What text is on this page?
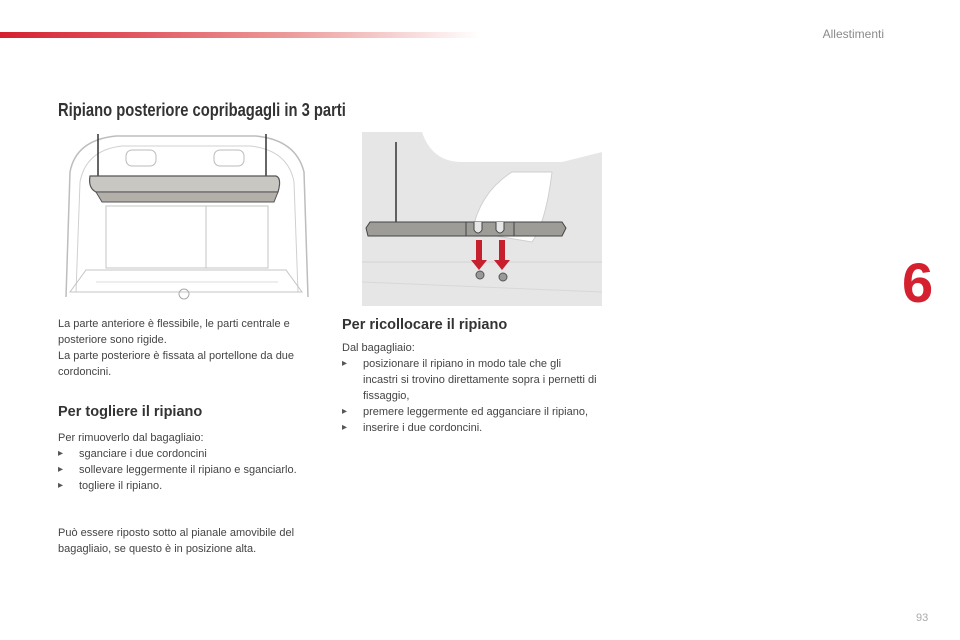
Allestimenti
6
Ripiano posteriore copribagagli in 3 parti

La parte anteriore è flessibile, le parti centrale e posteriore sono rigide.

La parte posteriore è fissata al portellone da due cordoncini.

Per togliere il ripiano

Per rimuoverlo dal bagagliaio:

▸ sganciare i due cordoncini
▸ sollevare leggermente il ripiano e sganciarlo.
▸ togliere il ripiano.
Può essere riposto sotto al pianale amovibile del bagagliaio, se questo è in posizione alta.
Per ricollocare il ripiano

Dal bagagliaio:

▸ posizionare il ripiano in modo tale che gli incastri si trovino direttamente sopra i pernetti di fissaggio,
▸ premere leggermente ed agganciare il ripiano,
▸ inserire i due cordoncini.
93
